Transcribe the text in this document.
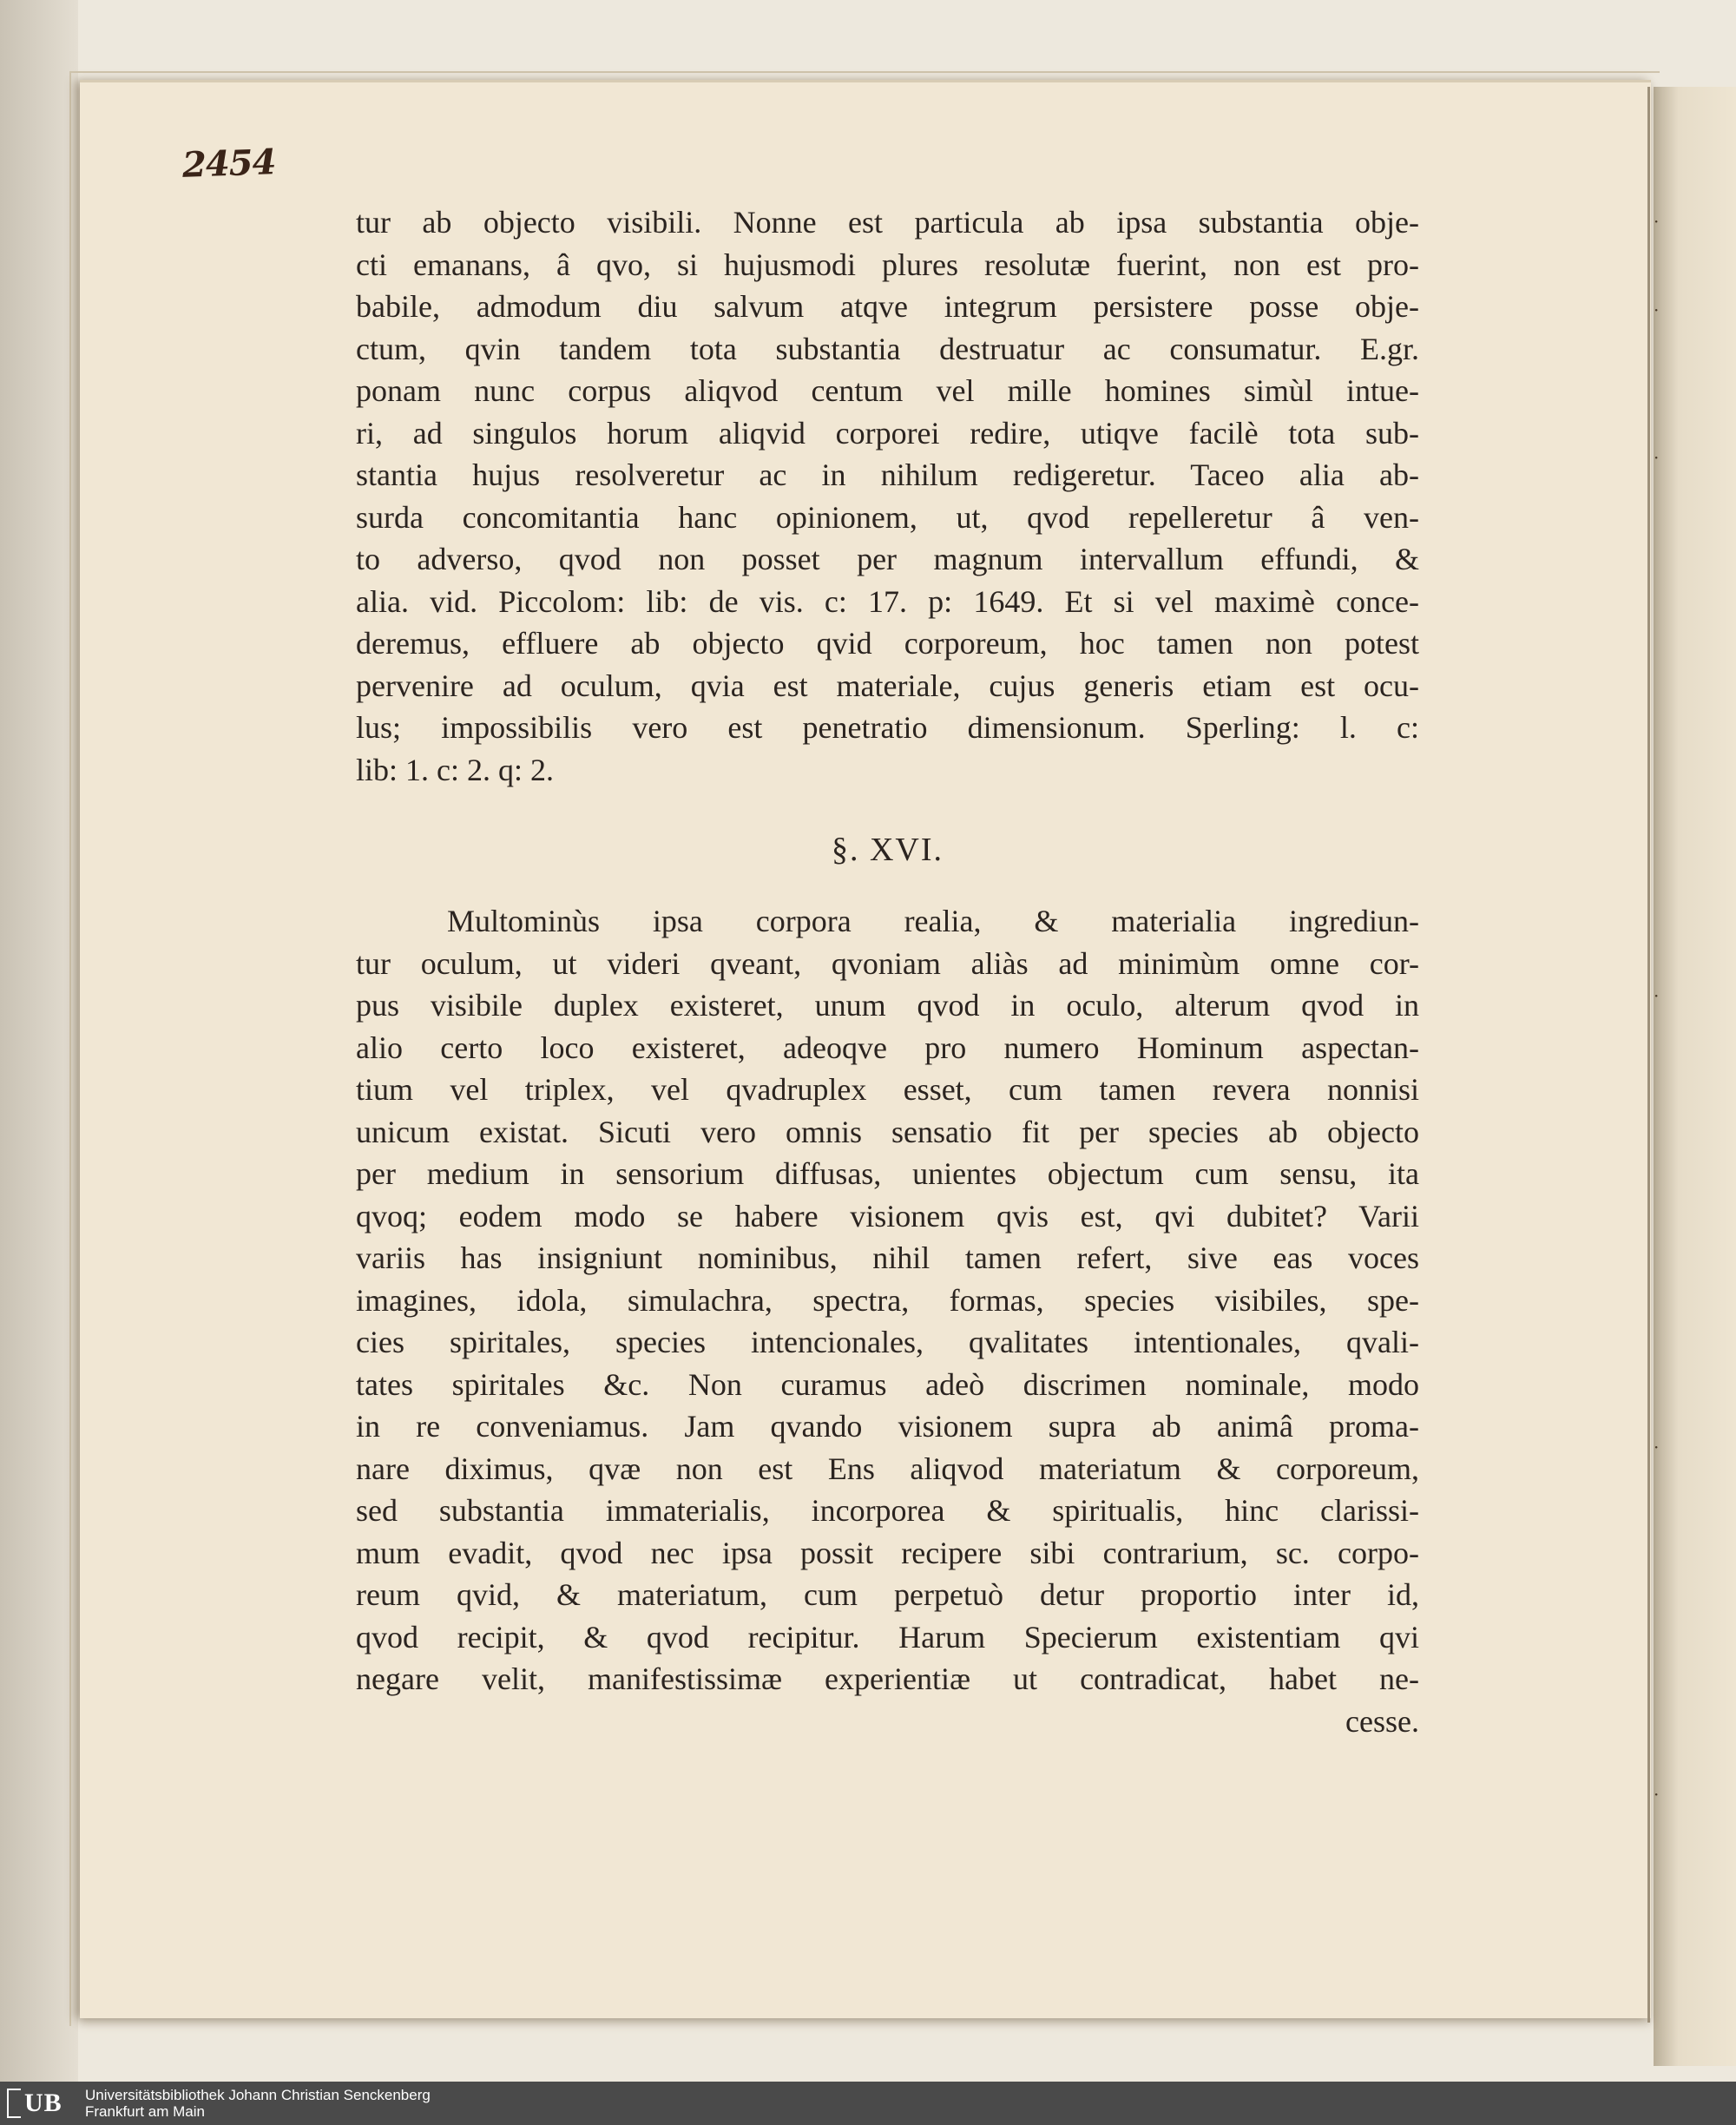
·
·
·
·
·
·
2454
tur ab objecto visibili. Nonne est particula ab ipsa substantia obje-
cti emanans, â qvo, si hujusmodi plures resolutæ fuerint, non est pro-
babile, admodum diu salvum atqve integrum persistere posse obje-
ctum, qvin tandem tota substantia destruatur ac consumatur. E.gr.
ponam nunc corpus aliqvod centum vel mille homines simùl intue-
ri, ad singulos horum aliqvid corporei redire, utiqve facilè tota sub-
stantia hujus resolveretur ac in nihilum redigeretur. Taceo alia ab-
surda concomitantia hanc opinionem, ut, qvod repelleretur â ven-
to adverso, qvod non posset per magnum intervallum effundi, &
alia. vid. Piccolom: lib: de vis. c: 17. p: 1649. Et si vel maximè conce-
deremus, effluere ab objecto qvid corporeum, hoc tamen non potest
pervenire ad oculum, qvia est materiale, cujus generis etiam est ocu-
lus; impossibilis vero est penetratio dimensionum. Sperling: l. c:
lib: 1. c: 2. q: 2.
§. XVI.
Multominùs ipsa corpora realia, & materialia ingrediun-
tur oculum, ut videri qveant, qvoniam aliàs ad minimùm omne cor-
pus visibile duplex existeret, unum qvod in oculo, alterum qvod in
alio certo loco existeret, adeoqve pro numero Hominum aspectan-
tium vel triplex, vel qvadruplex esset, cum tamen revera nonnisi
unicum existat. Sicuti vero omnis sensatio fit per species ab objecto
per medium in sensorium diffusas, unientes objectum cum sensu, ita
qvoq; eodem modo se habere visionem qvis est, qvi dubitet? Varii
variis has insigniunt nominibus, nihil tamen refert, sive eas voces
imagines, idola, simulachra, spectra, formas, species visibiles, spe-
cies spiritales, species intencionales, qvalitates intentionales, qvali-
tates spiritales &c. Non curamus adeò discrimen nominale, modo
in re conveniamus. Jam qvando visionem supra ab animâ proma-
nare diximus, qvæ non est Ens aliqvod materiatum & corporeum,
sed substantia immaterialis, incorporea & spiritualis, hinc clarissi-
mum evadit, qvod nec ipsa possit recipere sibi contrarium, sc. corpo-
reum qvid, & materiatum, cum perpetuò detur proportio inter id,
qvod recipit, & qvod recipitur. Harum Specierum existentiam qvi
negare velit, manifestissimæ experientiæ ut contradicat, habet ne-
cesse.
UB Universitätsbibliothek Johann Christian Senckenberg
Frankfurt am Main
